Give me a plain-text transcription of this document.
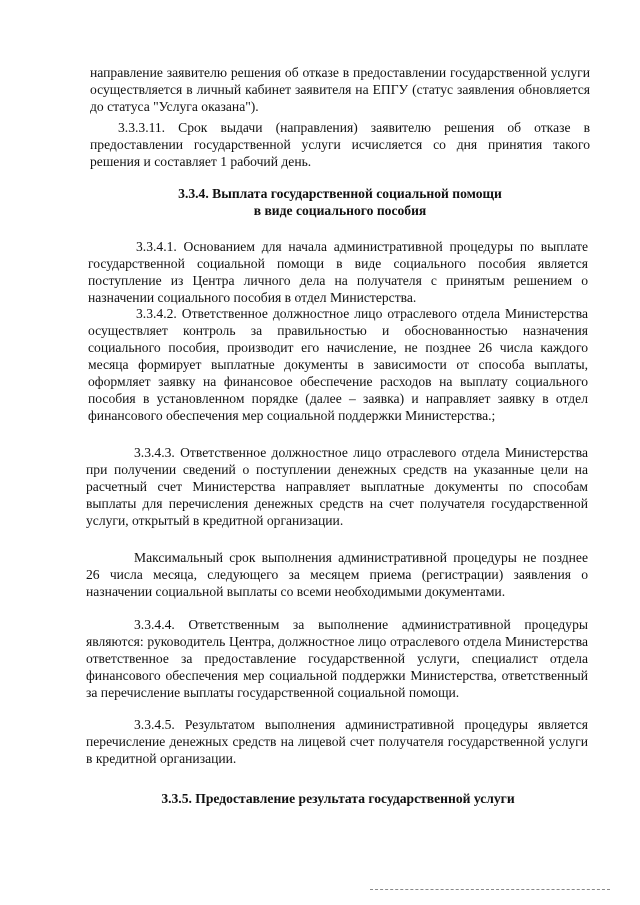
направление заявителю решения об отказе в предоставлении государственной услуги осуществляется в личный кабинет заявителя на ЕПГУ (статус заявления обновляется до статуса "Услуга оказана").

3.3.3.11. Срок выдачи (направления) заявителю решения об отказе в предоставлении государственной услуги исчисляется со дня принятия такого решения и составляет 1 рабочий день.

3.3.4. Выплата государственной социальной помощи
в виде социального пособия

3.3.4.1. Основанием для начала административной процедуры по выплате государственной социальной помощи в виде социального пособия является поступление из Центра личного дела на получателя с принятым решением о назначении социального пособия в отдел Министерства.

3.3.4.2. Ответственное должностное лицо отраслевого отдела Министерства осуществляет контроль за правильностью и обоснованностью назначения социального пособия, производит его начисление, не позднее 26 числа каждого месяца формирует выплатные документы в зависимости от способа выплаты, оформляет заявку на финансовое обеспечение расходов на выплату социального пособия в установленном порядке (далее – заявка) и направляет заявку в отдел финансового обеспечения мер социальной поддержки Министерства.;

3.3.4.3. Ответственное должностное лицо отраслевого отдела Министерства при получении сведений о поступлении денежных средств на указанные цели на расчетный счет Министерства направляет выплатные документы по способам выплаты для перечисления денежных средств на счет получателя государственной услуги, открытый в кредитной организации.

Максимальный срок выполнения административной процедуры не позднее 26 числа месяца, следующего за месяцем приема (регистрации) заявления о назначении социальной выплаты со всеми необходимыми документами.

3.3.4.4. Ответственным за выполнение административной процедуры являются: руководитель Центра, должностное лицо отраслевого отдела Министерства ответственное за предоставление государственной услуги, специалист отдела финансового обеспечения мер социальной поддержки Министерства, ответственный за перечисление выплаты государственной социальной помощи.

3.3.4.5. Результатом выполнения административной процедуры является перечисление денежных средств на лицевой счет получателя государственной услуги в кредитной организации.

3.3.5. Предоставление результата государственной услуги
